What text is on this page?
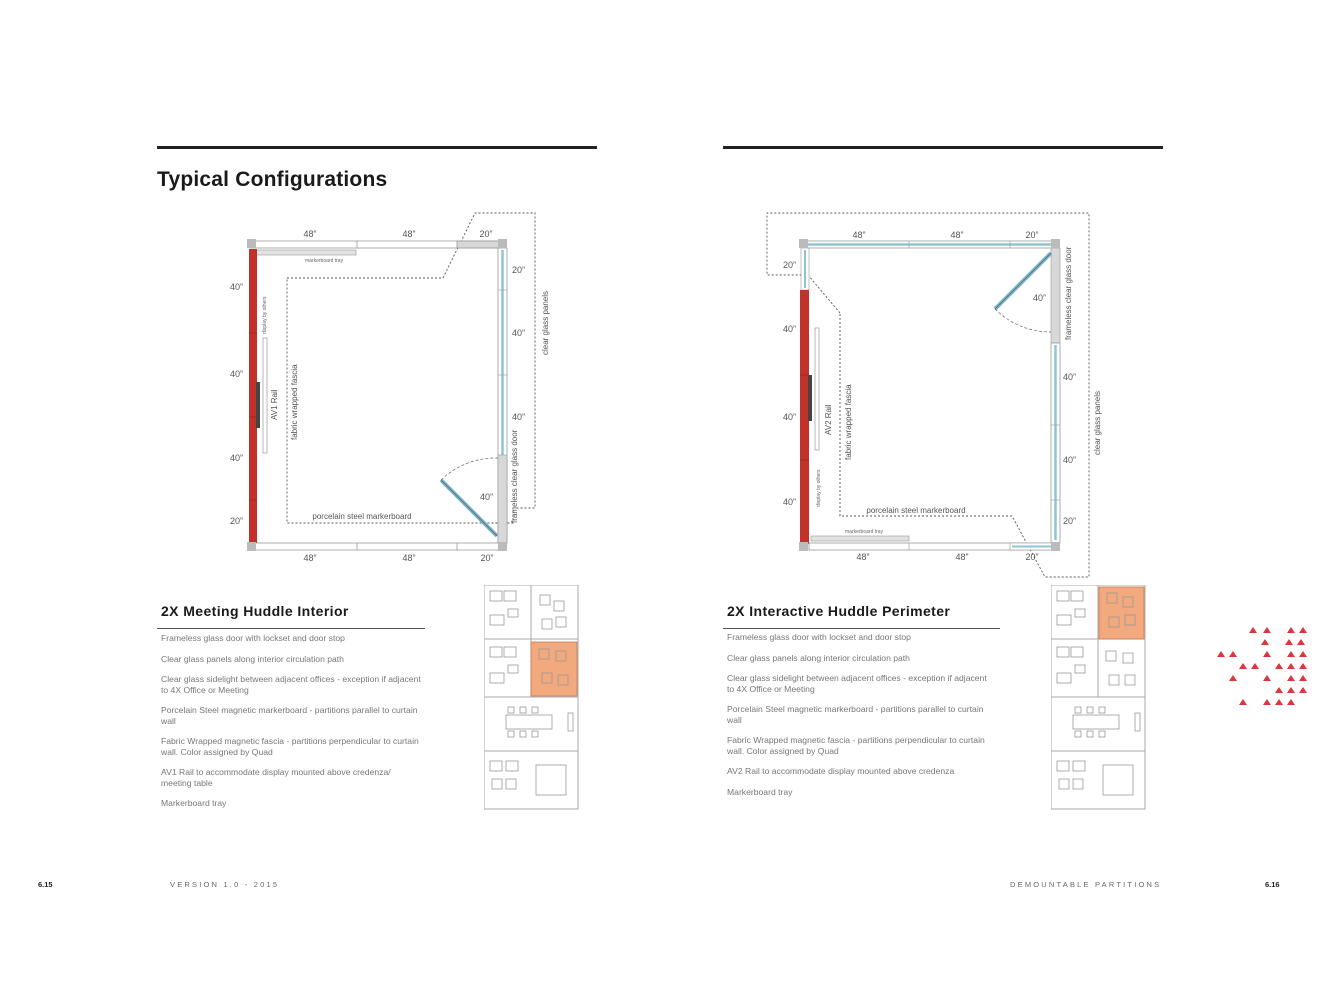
Typical Configurations
48”	48”	20”
48”	48”	20”
40”
40”
40”
20”
20”
40”
40”
40”
markerboard tray
display by others
AV1 Rail fabric wrapped fascia
porcelain steel markerboard	frameless clear glass door
clear glass panels
48”	48”	20”
48”	48”	20”
20”
40”
40”
40”
40”
40”
20”
40”
markerboard tray
display by others
AV2 Rail fabric wrapped fascia
porcelain steel markerboard
frameless clear glass door
clear glass panels
2X Meeting Huddle Interior
Frameless glass door with lockset and door stop
Clear glass panels along interior circulation path
Clear glass sidelight between adjacent offices - exception if adjacent to 4X Office or Meeting
Porcelain Steel magnetic markerboard - partitions parallel to curtain wall
Fabric Wrapped magnetic fascia - partitions perpendicular to curtain wall. Color assigned by Quad
AV1 Rail to accommodate display mounted above credenza/ meeting table
Markerboard tray
2X Interactive Huddle Perimeter
Frameless glass door with lockset and door stop
Clear glass panels along interior circulation path
Clear glass sidelight between adjacent offices - exception if adjacent to 4X Office or Meeting
Porcelain Steel magnetic markerboard - partitions parallel to curtain wall
Fabric Wrapped magnetic fascia - partitions perpendicular to curtain wall. Color assigned by Quad
AV2 Rail to accommodate display mounted above credenza
Markerboard tray
6.15	VERSION 1.0 - 2015	DEMOUNTABLE PARTITIONS	6.16
